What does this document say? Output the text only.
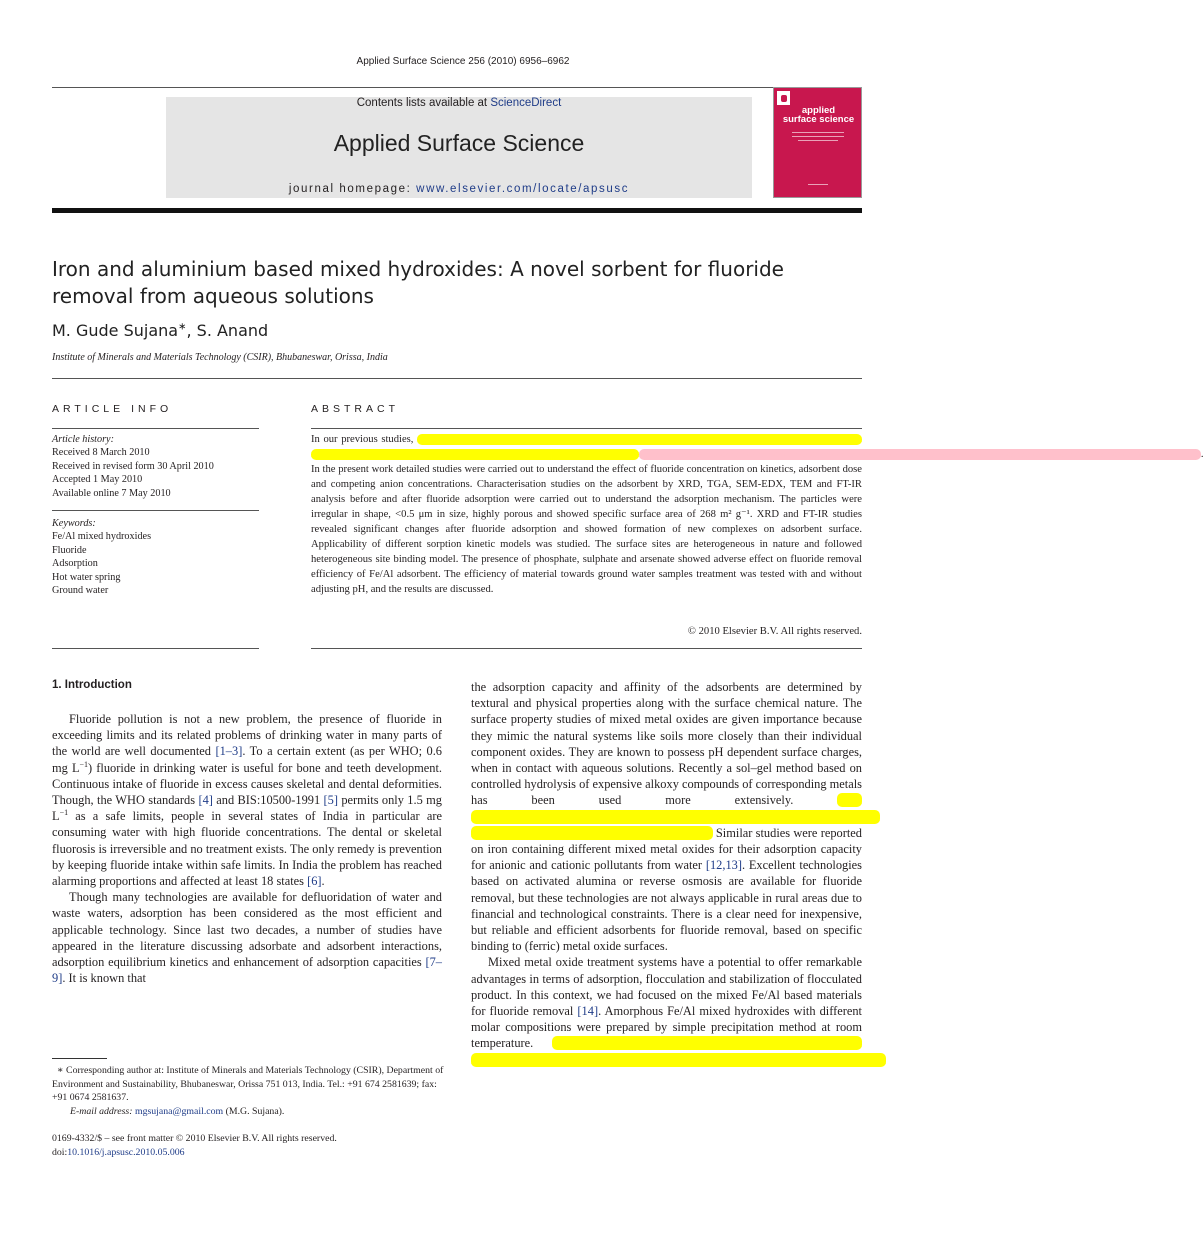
Applied Surface Science 256 (2010) 6956–6962
Contents lists available at ScienceDirect
Applied Surface Science
journal homepage: www.elsevier.com/locate/apsusc
applied
surface science
Iron and aluminium based mixed hydroxides: A novel sorbent for fluoride removal from aqueous solutions
M. Gude Sujana∗, S. Anand
Institute of Minerals and Materials Technology (CSIR), Bhubaneswar, Orissa, India
ARTICLE INFO	ABSTRACT
Article history:
Received 8 March 2010
Received in revised form 30 April 2010
Accepted 1 May 2010
Available online 7 May 2010
Keywords:
Fe/Al mixed hydroxides
Fluoride
Adsorption
Hot water spring
Ground water
In our previous studies, xxxxxxxxxxxxxxxxxxxxxxxxxxxxxxxxxxxxxxxxxxxxxxxxxxxxxxxxxxxxxxxxxxxxxxxxxxxxxxxxxxxx xxxxxxxxxxxxxxxxxxxxxxxxxxxxxxxxxxxxxxxxxxxxxxxxxxxxxxxxxxxxxxxxxxxxxxxxxxxxxxxxxxxxxxxxxxxxxxxxxxxxxxxxxxxxxxxxxxxxxxxxxxxxxxxxxxxxxxxxxxxxxxxxxxxxxxxxxxxxxxxxxxxxxxxx. In the present work detailed studies were carried out to understand the effect of fluoride concentration on kinetics, adsorbent dose and competing anion concentrations. Characterisation studies on the adsorbent by XRD, TGA, SEM-EDX, TEM and FT-IR analysis before and after fluoride adsorption were carried out to understand the adsorption mechanism. The particles were irregular in shape, <0.5 μm in size, highly porous and showed specific surface area of 268 m² g⁻¹. XRD and FT-IR studies revealed significant changes after fluoride adsorption and showed formation of new complexes on adsorbent surface. Applicability of different sorption kinetic models was studied. The surface sites are heterogeneous in nature and followed heterogeneous site binding model. The presence of phosphate, sulphate and arsenate showed adverse effect on fluoride removal efficiency of Fe/Al adsorbent. The efficiency of material towards ground water samples treatment was tested with and without adjusting pH, and the results are discussed.
© 2010 Elsevier B.V. All rights reserved.
1. Introduction

Fluoride pollution is not a new problem, the presence of fluoride in exceeding limits and its related problems of drinking water in many parts of the world are well documented [1–3]. To a certain extent (as per WHO; 0.6 mg $L^{-1}$) fluoride in drinking water is useful for bone and teeth development. Continuous intake of fluoride in excess causes skeletal and dental deformities. Though, the WHO standards [4] and BIS:10500-1991 [5] permits only 1.5 mg $L^{-1}$ as a safe limits, people in several states of India in particular are consuming water with high fluoride concentrations. The dental or skeletal fluorosis is irreversible and no treatment exists. The only remedy is prevention by keeping fluoride intake within safe limits. In India the problem has reached alarming proportions and affected at least 18 states [6].

Though many technologies are available for defluoridation of water and waste waters, adsorption has been considered as the most efficient and applicable technology. Since last two decades, a number of studies have appeared in the literature discussing adsorbate and adsorbent interactions, adsorption equilibrium kinetics and enhancement of adsorption capacities [7–9]. It is known that

the adsorption capacity and affinity of the adsorbents are determined by textural and physical properties along with the surface chemical nature. The surface property studies of mixed metal oxides are given importance because they mimic the natural systems like soils more closely than their individual component oxides. They are known to possess pH dependent surface charges, when in contact with aqueous solutions. Recently a sol–gel method based on controlled hydrolysis of expensive alkoxy compounds of corresponding metals has been used more extensively.	xxxx xxxxxxxxxxxxxxxxxxxxxxxxxxxxxxxxxxxxxxxxxxxxxxxxxxxxxxxxxxxxxxxxxx xxxxxxxxxxxxxxxxxxxxxxxxxxxxxxxxxxxxxxx Similar studies were reported on iron containing different mixed metal oxides for their adsorption capacity for anionic and cationic pollutants from water [12,13]. Excellent technologies based on activated alumina or reverse osmosis are available for fluoride removal, but these technologies are not always applicable in rural areas due to financial and technological constraints. There is a clear need for inexpensive, but reliable and efficient adsorbents for fluoride removal, based on specific binding to (ferric) metal oxide surfaces.

Mixed metal oxide treatment systems have a potential to offer remarkable advantages in terms of adsorption, flocculation and stabilization of flocculated product. In this context, we had focused on the mixed Fe/Al based materials for fluoride removal [14]. Amorphous Fe/Al mixed hydroxides with different molar compositions were prepared by simple precipitation method at room temperature. xxxxxxxxxxxxxxxxxxxxxxxxxxxxxxxxxxxxxxxxxxxxxxxxxx xxxxxxxxxxxxxxxxxxxxxxxxxxxxxxxxxxxxxxxxxxxxxxxxxxxxxxxxxxxxxxxxxxx

∗ Corresponding author at: Institute of Minerals and Materials Technology (CSIR), Department of Environment and Sustainability, Bhubaneswar, Orissa 751 013, India. Tel.: +91 674 2581639; fax: +91 0674 2581637.
E-mail address: mgsujana@gmail.com (M.G. Sujana).
0169-4332/$ – see front matter © 2010 Elsevier B.V. All rights reserved.
doi:10.1016/j.apsusc.2010.05.006
